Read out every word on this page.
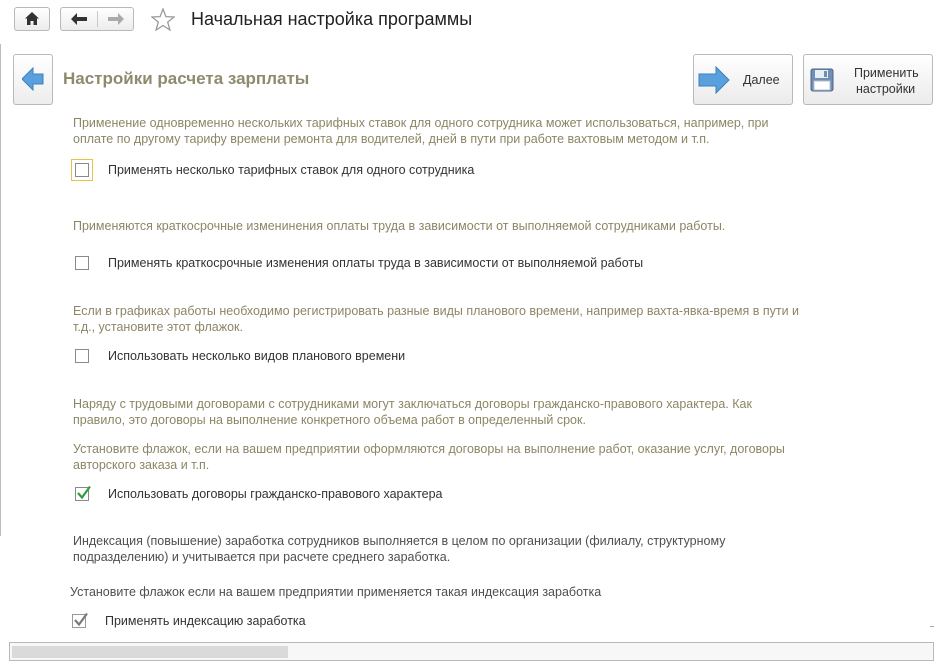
Начальная настройка программы
Настройки расчета зарплаты	Далее	Применить
настройки
Применение одновременно нескольких тарифных ставок для одного сотрудника может использоваться, например, при
оплате по другому тарифу времени ремонта для водителей, дней в пути при работе вахтовым методом и т.п.
Применять несколько тарифных ставок для одного сотрудника
Применяются краткосрочные изменинения оплаты труда в зависимости от выполняемой сотрудниками работы.
Применять краткосрочные изменения оплаты труда в зависимости от выполняемой работы
Если в графиках работы необходимо регистрировать разные виды планового времени, например вахта-явка-время в пути и
т.д., установите этот флажок.
Использовать несколько видов планового времени
Наряду с трудовыми договорами с сотрудниками могут заключаться договоры гражданско-правового характера. Как
правило, это договоры на выполнение конкретного объема работ в определенный срок.
Установите флажок, если на вашем предприятии оформляются договоры на выполнение работ, оказание услуг, договоры
авторского заказа и т.п.
Использовать договоры гражданско-правового характера
Индексация (повышение) заработка сотрудников выполняется в целом по организации (филиалу, структурному
подразделению) и учитывается при расчете среднего заработка.
Установите флажок если на вашем предприятии применяется такая индексация заработка
Применять индексацию заработка
